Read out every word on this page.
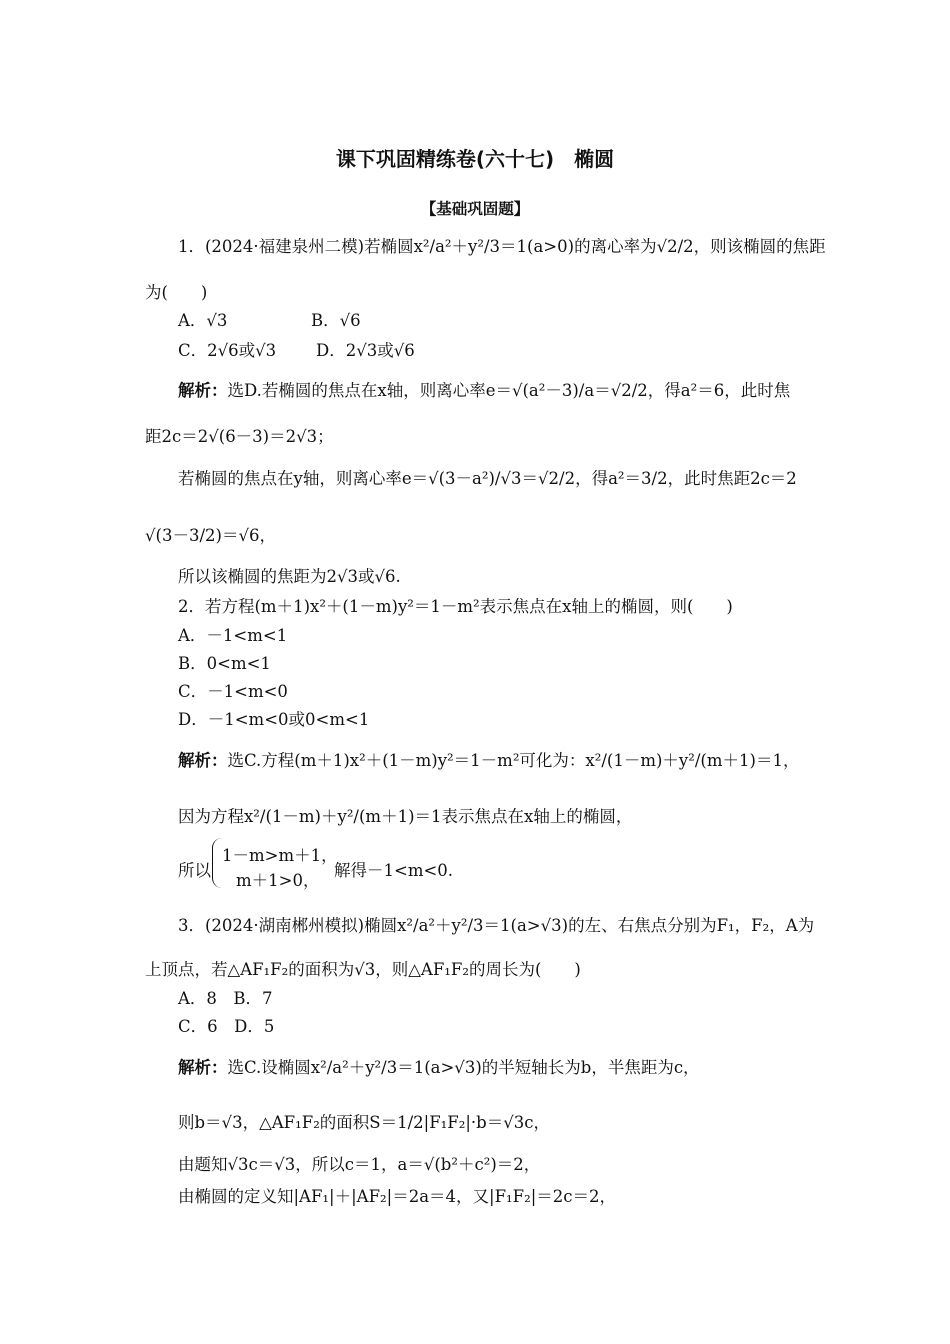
课下巩固精练卷(六十七)　椭圆
【基础巩固题】
1．(2024·福建泉州二模)若椭圆x²/a²＋y²/3＝1(a>0)的离心率为√2/2，则该椭圆的焦距
为(　　)
A．√3	B．√6
C．2√6或√3 D．2√3或√6
解析：选D.若椭圆的焦点在x轴，则离心率e＝√(a²－3)/a＝√2/2，得a²＝6，此时焦
距2c＝2√(6－3)＝2√3；
若椭圆的焦点在y轴，则离心率e＝√(3－a²)/√3＝√2/2，得a²＝3/2，此时焦距2c＝2
√(3－3/2)＝√6，
所以该椭圆的焦距为2√3或√6.
2．若方程(m＋1)x²＋(1－m)y²＝1－m²表示焦点在x轴上的椭圆，则(　　)
A．－1<m<1
B．0<m<1
C．－1<m<0
D．－1<m<0或0<m<1
解析：选C.方程(m＋1)x²＋(1－m)y²＝1－m²可化为：x²/(1－m)＋y²/(m＋1)＝1，
因为方程x²/(1－m)＋y²/(m＋1)＝1表示焦点在x轴上的椭圆，
所以
1－m>m＋1，
m＋1>0，
解得－1<m<0.
3．(2024·湖南郴州模拟)椭圆x²/a²＋y²/3＝1(a>√3)的左、右焦点分别为F₁，F₂，A为
上顶点，若△AF₁F₂的面积为√3，则△AF₁F₂的周长为(　　)
A．8　B．7
C．6　D．5
解析：选C.设椭圆x²/a²＋y²/3＝1(a>√3)的半短轴长为b，半焦距为c，
则b＝√3，△AF₁F₂的面积S＝1/2|F₁F₂|·b＝√3c，
由题知√3c＝√3，所以c＝1，a＝√(b²＋c²)＝2，
由椭圆的定义知|AF₁|＋|AF₂|＝2a＝4，又|F₁F₂|＝2c＝2，
